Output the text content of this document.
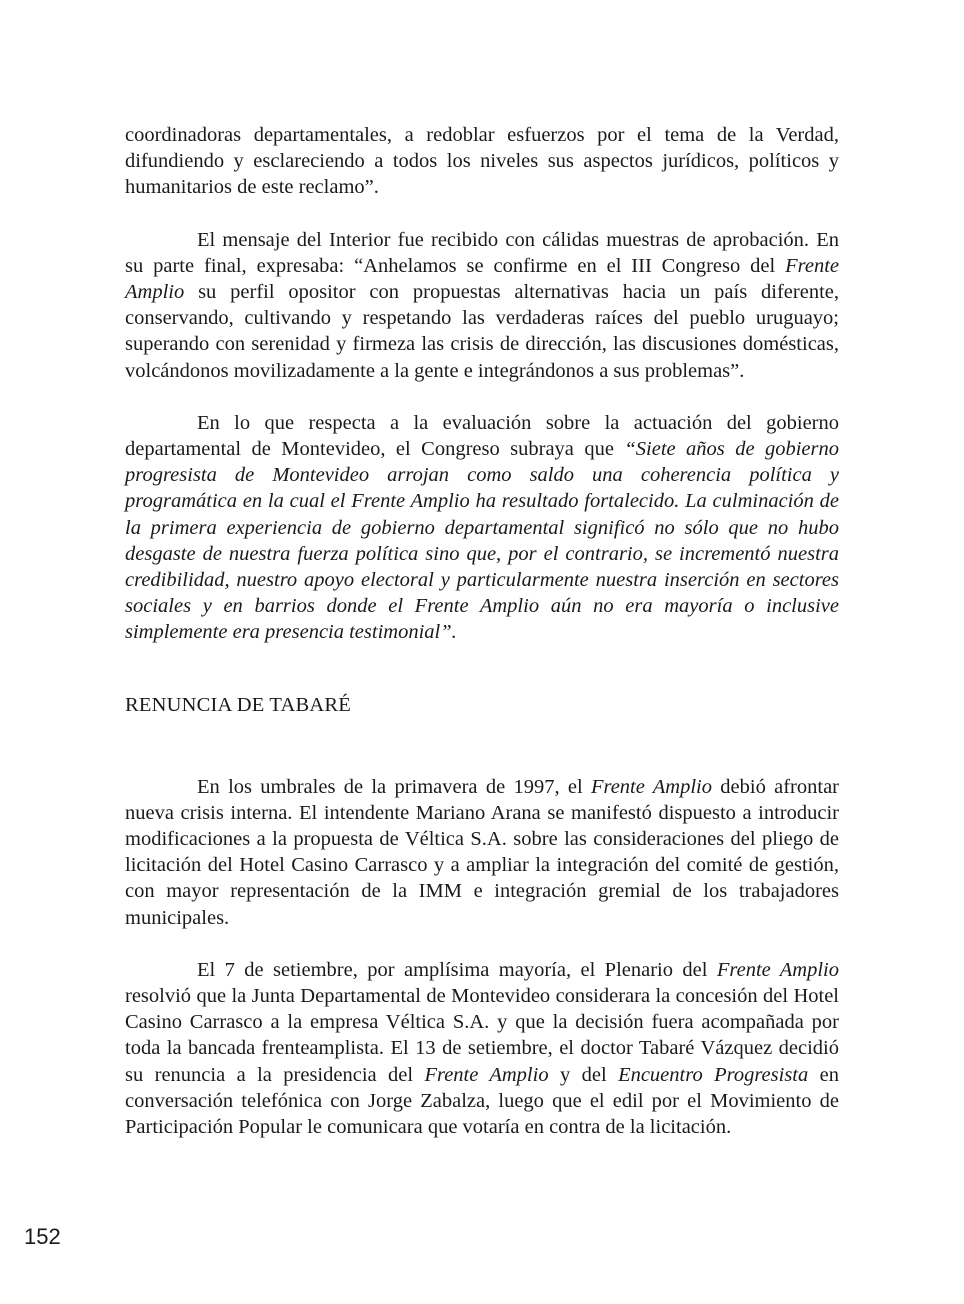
coordinadoras departamentales, a redoblar esfuerzos por el tema de la Verdad, difundiendo y esclareciendo a todos los niveles sus aspectos jurídicos, políticos y humanitarios de este reclamo”.

El mensaje del Interior fue recibido con cálidas muestras de aprobación. En su parte final, expresaba: “Anhelamos se confirme en el III Congreso del Frente Amplio su perfil opositor con propuestas alternativas hacia un país diferente, conservando, cultivando y respetando las verdaderas raíces del pueblo uruguayo; superando con serenidad y firmeza las crisis de dirección, las discusiones domésticas, volcándonos movilizadamente a la gente e integrándonos a sus problemas”.

En lo que respecta a la evaluación sobre la actuación del gobierno departamental de Montevideo, el Congreso subraya que “Siete años de gobierno progresista de Montevideo arrojan como saldo una coherencia política y programática en la cual el Frente Amplio ha resultado fortalecido. La culminación de la primera experiencia de gobierno departamental significó no sólo que no hubo desgaste de nuestra fuerza política sino que, por el contrario, se incrementó nuestra credibilidad, nuestro apoyo electoral y particularmente nuestra inserción en sectores sociales y en barrios donde el Frente Amplio aún no era mayoría o inclusive simplemente era presencia testimonial”.

RENUNCIA DE TABARÉ

En los umbrales de la primavera de 1997, el Frente Amplio debió afrontar nueva crisis interna. El intendente Mariano Arana se manifestó dispuesto a introducir modificaciones a la propuesta de Véltica S.A. sobre las consideraciones del pliego de licitación del Hotel Casino Carrasco y a ampliar la integración del comité de gestión, con mayor representación de la IMM e integración gremial de los trabajadores municipales.

El 7 de setiembre, por amplísima mayoría, el Plenario del Frente Amplio resolvió que la Junta Departamental de Montevideo considerara la concesión del Hotel Casino Carrasco a la empresa Véltica S.A. y que la decisión fuera acompañada por toda la bancada frenteamplista. El 13 de setiembre, el doctor Tabaré Vázquez decidió su renuncia a la presidencia del Frente Amplio y del Encuentro Progresista en conversación telefónica con Jorge Zabalza, luego que el edil por el Movimiento de Participación Popular le comunicara que votaría en contra de la licitación.

152
